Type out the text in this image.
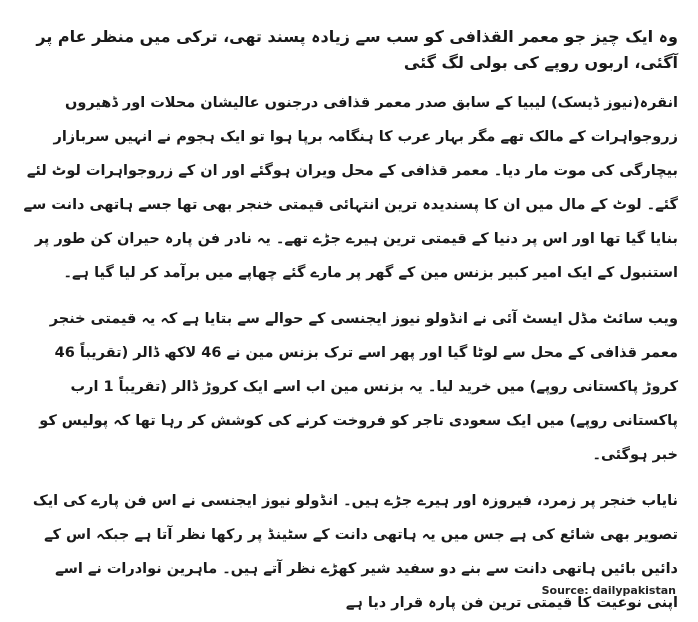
وہ ایک چیز جو معمر القذافی کو سب سے زیادہ پسند تھی، ترکی میں منظر عام پر آگئی، اربوں روپے کی بولی لگ گئی

انقرہ(نیوز ڈیسک) لیبیا کے سابق صدر معمر قذافی درجنوں عالیشان محلات اور ڈھیروں زروجواہرات کے مالک تھے مگر بہار عرب کا ہنگامہ برپا ہوا تو ایک ہجوم نے انہیں سربازار بیچارگی کی موت مار دیا۔ معمر قذافی کے محل ویران ہوگئے اور ان کے زروجواہرات لوٹ لئے گئے۔ لوٹ کے مال میں ان کا پسندیدہ ترین انتہائی قیمتی خنجر بھی تھا جسے ہاتھی دانت سے بنایا گیا تھا اور اس پر دنیا کے قیمتی ترین ہیرے جڑے تھے۔ یہ نادر فن پارہ حیران کن طور پر استنبول کے ایک امیر کبیر بزنس مین کے گھر پر مارے گئے چھاپے میں برآمد کر لیا گیا ہے۔

ویب سائٹ مڈل ایسٹ آئی نے انڈولو نیوز ایجنسی کے حوالے سے بتایا ہے کہ یہ قیمتی خنجر معمر قذافی کے محل سے لوٹا گیا اور پھر اسے ترک بزنس مین نے 46 لاکھ ڈالر (تقریباً 46 کروڑ پاکستانی روپے) میں خرید لیا۔ یہ بزنس مین اب اسے ایک کروڑ ڈالر (تقریباً 1 ارب پاکستانی روپے) میں ایک سعودی تاجر کو فروخت کرنے کی کوشش کر رہا تھا کہ پولیس کو خبر ہوگئی۔

نایاب خنجر پر زمرد، فیروزہ اور ہیرے جڑے ہیں۔ انڈولو نیوز ایجنسی نے اس فن پارے کی ایک تصویر بھی شائع کی ہے جس میں یہ ہاتھی دانت کے سٹینڈ پر رکھا نظر آتا ہے جبکہ اس کے دائیں بائیں ہاتھی دانت سے بنے دو سفید شیر کھڑے نظر آتے ہیں۔ ماہرین نوادرات نے اسے اپنی نوعیت کا قیمتی ترین فن پارہ قرار دیا ہے

Source: dailypakistan
